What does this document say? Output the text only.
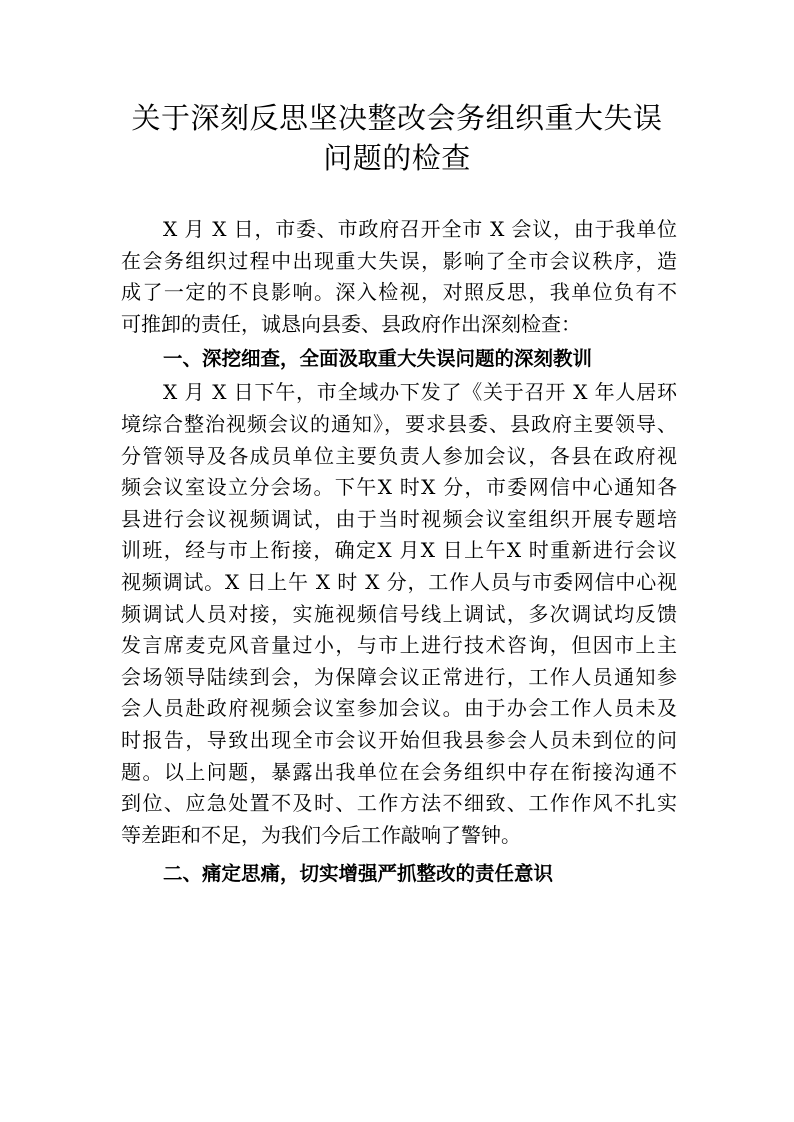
关于深刻反思坚决整改会务组织重大失误
问题的检查
X 月 X 日，市委、市政府召开全市 X 会议，由于我单位
在会务组织过程中出现重大失误，影响了全市会议秩序，造
成了一定的不良影响。深入检视，对照反思，我单位负有不
可推卸的责任，诚恳向县委、县政府作出深刻检查：
一、深挖细查，全面汲取重大失误问题的深刻教训
X 月 X 日下午，市全域办下发了《关于召开 X 年人居环
境综合整治视频会议的通知》，要求县委、县政府主要领导、
分管领导及各成员单位主要负责人参加会议，各县在政府视
频会议室设立分会场。下午X 时X 分，市委网信中心通知各
县进行会议视频调试，由于当时视频会议室组织开展专题培
训班，经与市上衔接，确定X 月X 日上午X 时重新进行会议
视频调试。X 日上午 X 时 X 分，工作人员与市委网信中心视
频调试人员对接，实施视频信号线上调试，多次调试均反馈
发言席麦克风音量过小，与市上进行技术咨询，但因市上主
会场领导陆续到会，为保障会议正常进行，工作人员通知参
会人员赴政府视频会议室参加会议。由于办会工作人员未及
时报告，导致出现全市会议开始但我县参会人员未到位的问
题。以上问题，暴露出我单位在会务组织中存在衔接沟通不
到位、应急处置不及时、工作方法不细致、工作作风不扎实
等差距和不足，为我们今后工作敲响了警钟。
二、痛定思痛，切实增强严抓整改的责任意识
